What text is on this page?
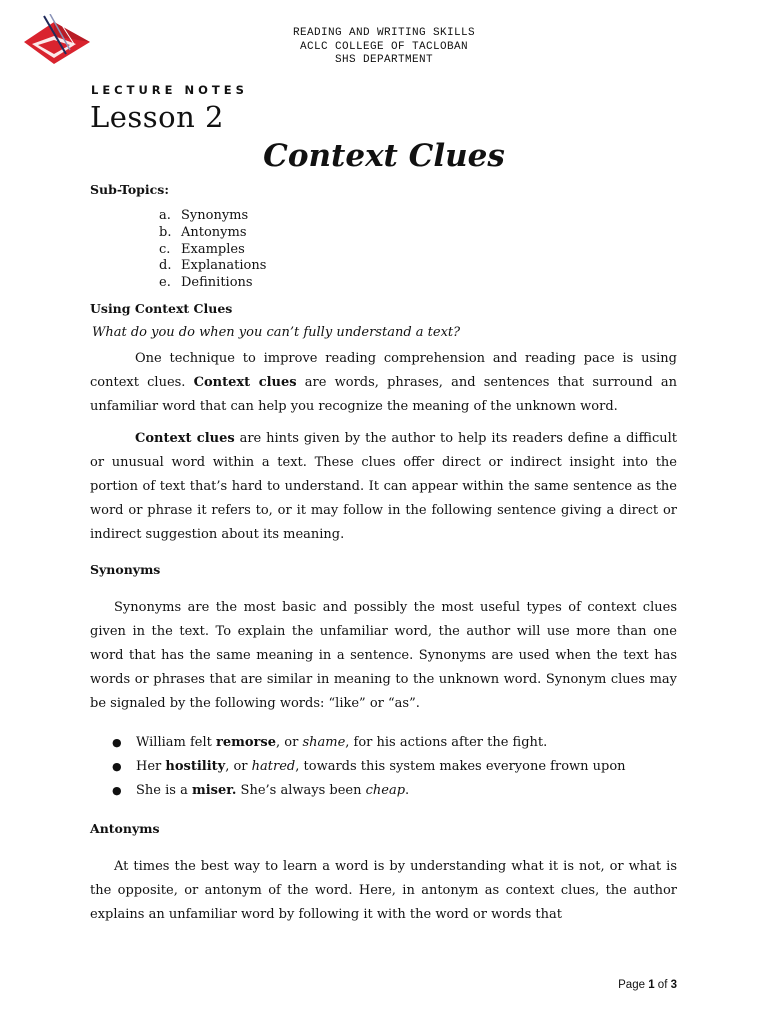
READING AND WRITING SKILLS
ACLC COLLEGE OF TACLOBAN
SHS DEPARTMENT
LECTURE NOTES
Lesson 2
Context Clues
Sub-Topics:
a. Synonyms
b. Antonyms
c. Examples
d. Explanations
e. Definitions
Using Context Clues
What do you do when you can’t fully understand a text?

One technique to improve reading comprehension and reading pace is using context clues. Context clues are words, phrases, and sentences that surround an unfamiliar word that can help you recognize the meaning of the unknown word.

Context clues are hints given by the author to help its readers define a difficult or unusual word within a text. These clues offer direct or indirect insight into the portion of text that’s hard to understand. It can appear within the same sentence as the word or phrase it refers to, or it may follow in the following sentence giving a direct or indirect suggestion about its meaning.

Synonyms

Synonyms are the most basic and possibly the most useful types of context clues given in the text. To explain the unfamiliar word, the author will use more than one word that has the same meaning in a sentence. Synonyms are used when the text has words or phrases that are similar in meaning to the unknown word. Synonym clues may be signaled by the following words: “like” or “as”.

● William felt remorse, or shame, for his actions after the fight.
● Her hostility, or hatred, towards this system makes everyone frown upon
● She is a miser. She’s always been cheap.
Antonyms

At times the best way to learn a word is by understanding what it is not, or what is the opposite, or antonym of the word. Here, in antonym as context clues, the author explains an unfamiliar word by following it with the word or words that

Page 1 of 3
